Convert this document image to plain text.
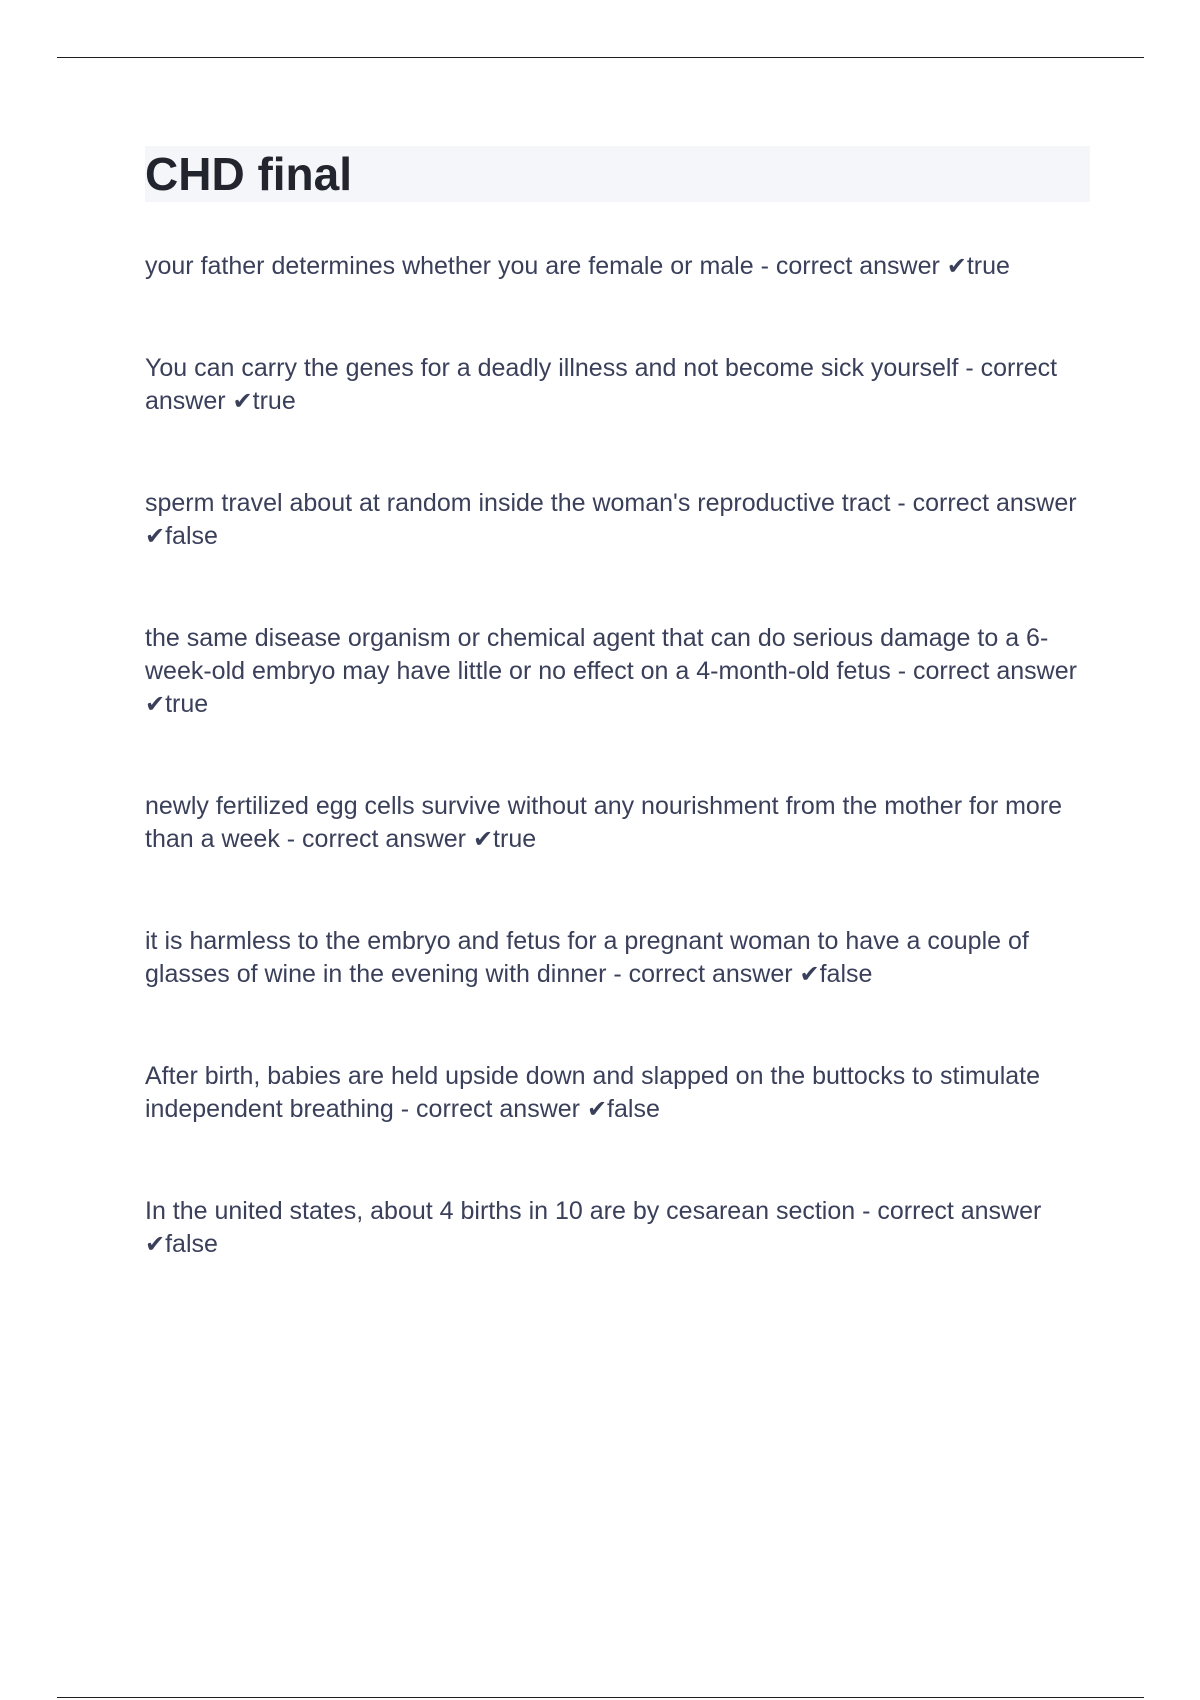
CHD final
your father determines whether you are female or male - correct answer ✔true
You can carry the genes for a deadly illness and not become sick yourself - correct answer ✔true
sperm travel about at random inside the woman's reproductive tract - correct answer ✔false
the same disease organism or chemical agent that can do serious damage to a 6-week-old embryo may have little or no effect on a 4-month-old fetus - correct answer ✔true
newly fertilized egg cells survive without any nourishment from the mother for more than a week - correct answer ✔true
it is harmless to the embryo and fetus for a pregnant woman to have a couple of glasses of wine in the evening with dinner - correct answer ✔false
After birth, babies are held upside down and slapped on the buttocks to stimulate independent breathing - correct answer ✔false
In the united states, about 4 births in 10 are by cesarean section - correct answer ✔false
